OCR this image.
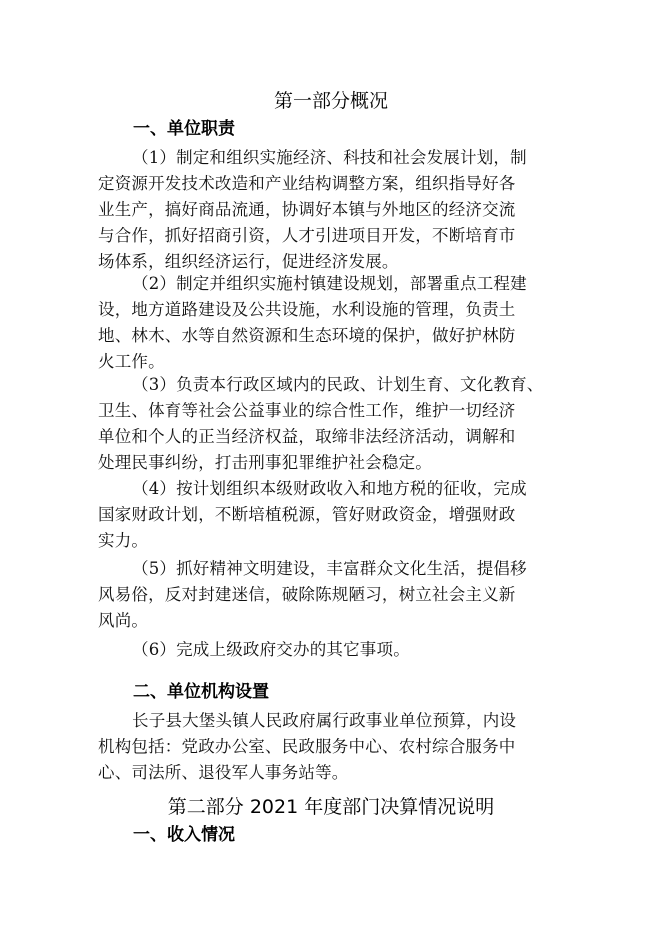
第一部分概况
一、单位职责
（1）制定和组织实施经济、科技和社会发展计划，制
定资源开发技术改造和产业结构调整方案，组织指导好各
业生产，搞好商品流通，协调好本镇与外地区的经济交流
与合作，抓好招商引资，人才引进项目开发，不断培育市
场体系，组织经济运行，促进经济发展。
（2）制定并组织实施村镇建设规划，部署重点工程建
设，地方道路建设及公共设施，水利设施的管理，负责土
地、林木、水等自然资源和生态环境的保护，做好护林防
火工作。
（3）负责本行政区域内的民政、计划生育、文化教育、
卫生、体育等社会公益事业的综合性工作，维护一切经济
单位和个人的正当经济权益，取缔非法经济活动，调解和
处理民事纠纷，打击刑事犯罪维护社会稳定。
（4）按计划组织本级财政收入和地方税的征收，完成
国家财政计划，不断培植税源，管好财政资金，增强财政
实力。
（5）抓好精神文明建设，丰富群众文化生活，提倡移
风易俗，反对封建迷信，破除陈规陋习，树立社会主义新
风尚。
（6）完成上级政府交办的其它事项。
二、单位机构设置
长子县大堡头镇人民政府属行政事业单位预算，内设
机构包括：党政办公室、民政服务中心、农村综合服务中
心、司法所、退役军人事务站等。
第二部分 2021 年度部门决算情况说明
一、收入情况
